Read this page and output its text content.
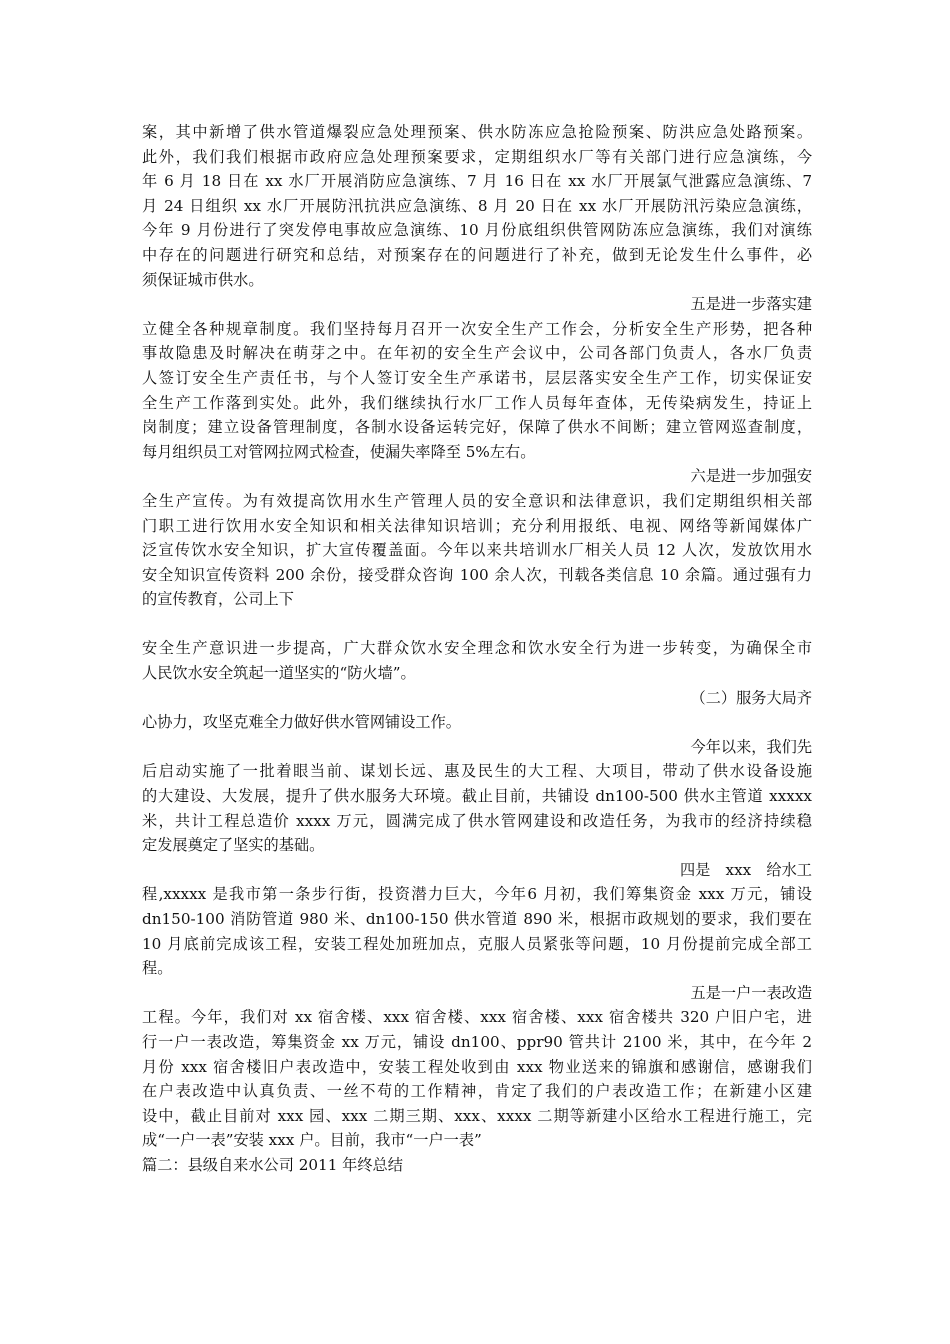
案，其中新增了供水管道爆裂应急处理预案、供水防冻应急抢险预案、防洪应急处路预案。
此外，我们我们根据市政府应急处理预案要求，定期组织水厂等有关部门进行应急演练，今
年 6 月 18 日在 xx 水厂开展消防应急演练、7 月 16 日在 xx 水厂开展氯气泄露应急演练、7
月 24 日组织 xx 水厂开展防汛抗洪应急演练、8 月 20 日在 xx 水厂开展防汛污染应急演练，
今年 9 月份进行了突发停电事故应急演练、10 月份底组织供管网防冻应急演练，我们对演练
中存在的问题进行研究和总结，对预案存在的问题进行了补充，做到无论发生什么事件，必
须保证城市供水。
五是进一步落实建
立健全各种规章制度。我们坚持每月召开一次安全生产工作会，分析安全生产形势，把各种
事故隐患及时解决在萌芽之中。在年初的安全生产会议中，公司各部门负责人，各水厂负责
人签订安全生产责任书，与个人签订安全生产承诺书，层层落实安全生产工作，切实保证安
全生产工作落到实处。此外，我们继续执行水厂工作人员每年查体，无传染病发生，持证上
岗制度；建立设备管理制度，各制水设备运转完好，保障了供水不间断；建立管网巡查制度，
每月组织员工对管网拉网式检查，使漏失率降至 5%左右。
六是进一步加强安
全生产宣传。为有效提高饮用水生产管理人员的安全意识和法律意识，我们定期组织相关部
门职工进行饮用水安全知识和相关法律知识培训；充分利用报纸、电视、网络等新闻媒体广
泛宣传饮水安全知识，扩大宣传覆盖面。今年以来共培训水厂相关人员 12 人次，发放饮用水
安全知识宣传资料 200 余份，接受群众咨询 100 余人次，刊载各类信息 10 余篇。通过强有力
的宣传教育，公司上下
安全生产意识进一步提高，广大群众饮水安全理念和饮水安全行为进一步转变，为确保全市
人民饮水安全筑起一道坚实的“防火墙”。
（二）服务大局齐
心协力，攻坚克难全力做好供水管网铺设工作。
今年以来，我们先
后启动实施了一批着眼当前、谋划长远、惠及民生的大工程、大项目，带动了供水设备设施
的大建设、大发展，提升了供水服务大环境。截止目前，共铺设 dn100-500 供水主管道 xxxxx
米，共计工程总造价 xxxx 万元，圆满完成了供水管网建设和改造任务，为我市的经济持续稳
定发展奠定了坚实的基础。
四是　xxx　给水工
程,xxxxx 是我市第一条步行街，投资潜力巨大，今年6 月初，我们筹集资金 xxx 万元，铺设
dn150-100 消防管道 980 米、dn100-150 供水管道 890 米，根据市政规划的要求，我们要在
10 月底前完成该工程，安装工程处加班加点，克服人员紧张等问题，10 月份提前完成全部工
程。
五是一户一表改造
工程。今年，我们对 xx 宿舍楼、xxx 宿舍楼、xxx 宿舍楼、xxx 宿舍楼共 320 户旧户宅，进
行一户一表改造，筹集资金 xx 万元，铺设 dn100、ppr90 管共计 2100 米，其中，在今年 2
月份 xxx 宿舍楼旧户表改造中，安装工程处收到由 xxx 物业送来的锦旗和感谢信，感谢我们
在户表改造中认真负责、一丝不苟的工作精神，肯定了我们的户表改造工作；在新建小区建
设中，截止目前对 xxx 园、xxx 二期三期、xxx、xxxx 二期等新建小区给水工程进行施工，完
成“一户一表”安装 xxx 户。目前，我市“一户一表”
篇二：县级自来水公司 2011 年终总结
